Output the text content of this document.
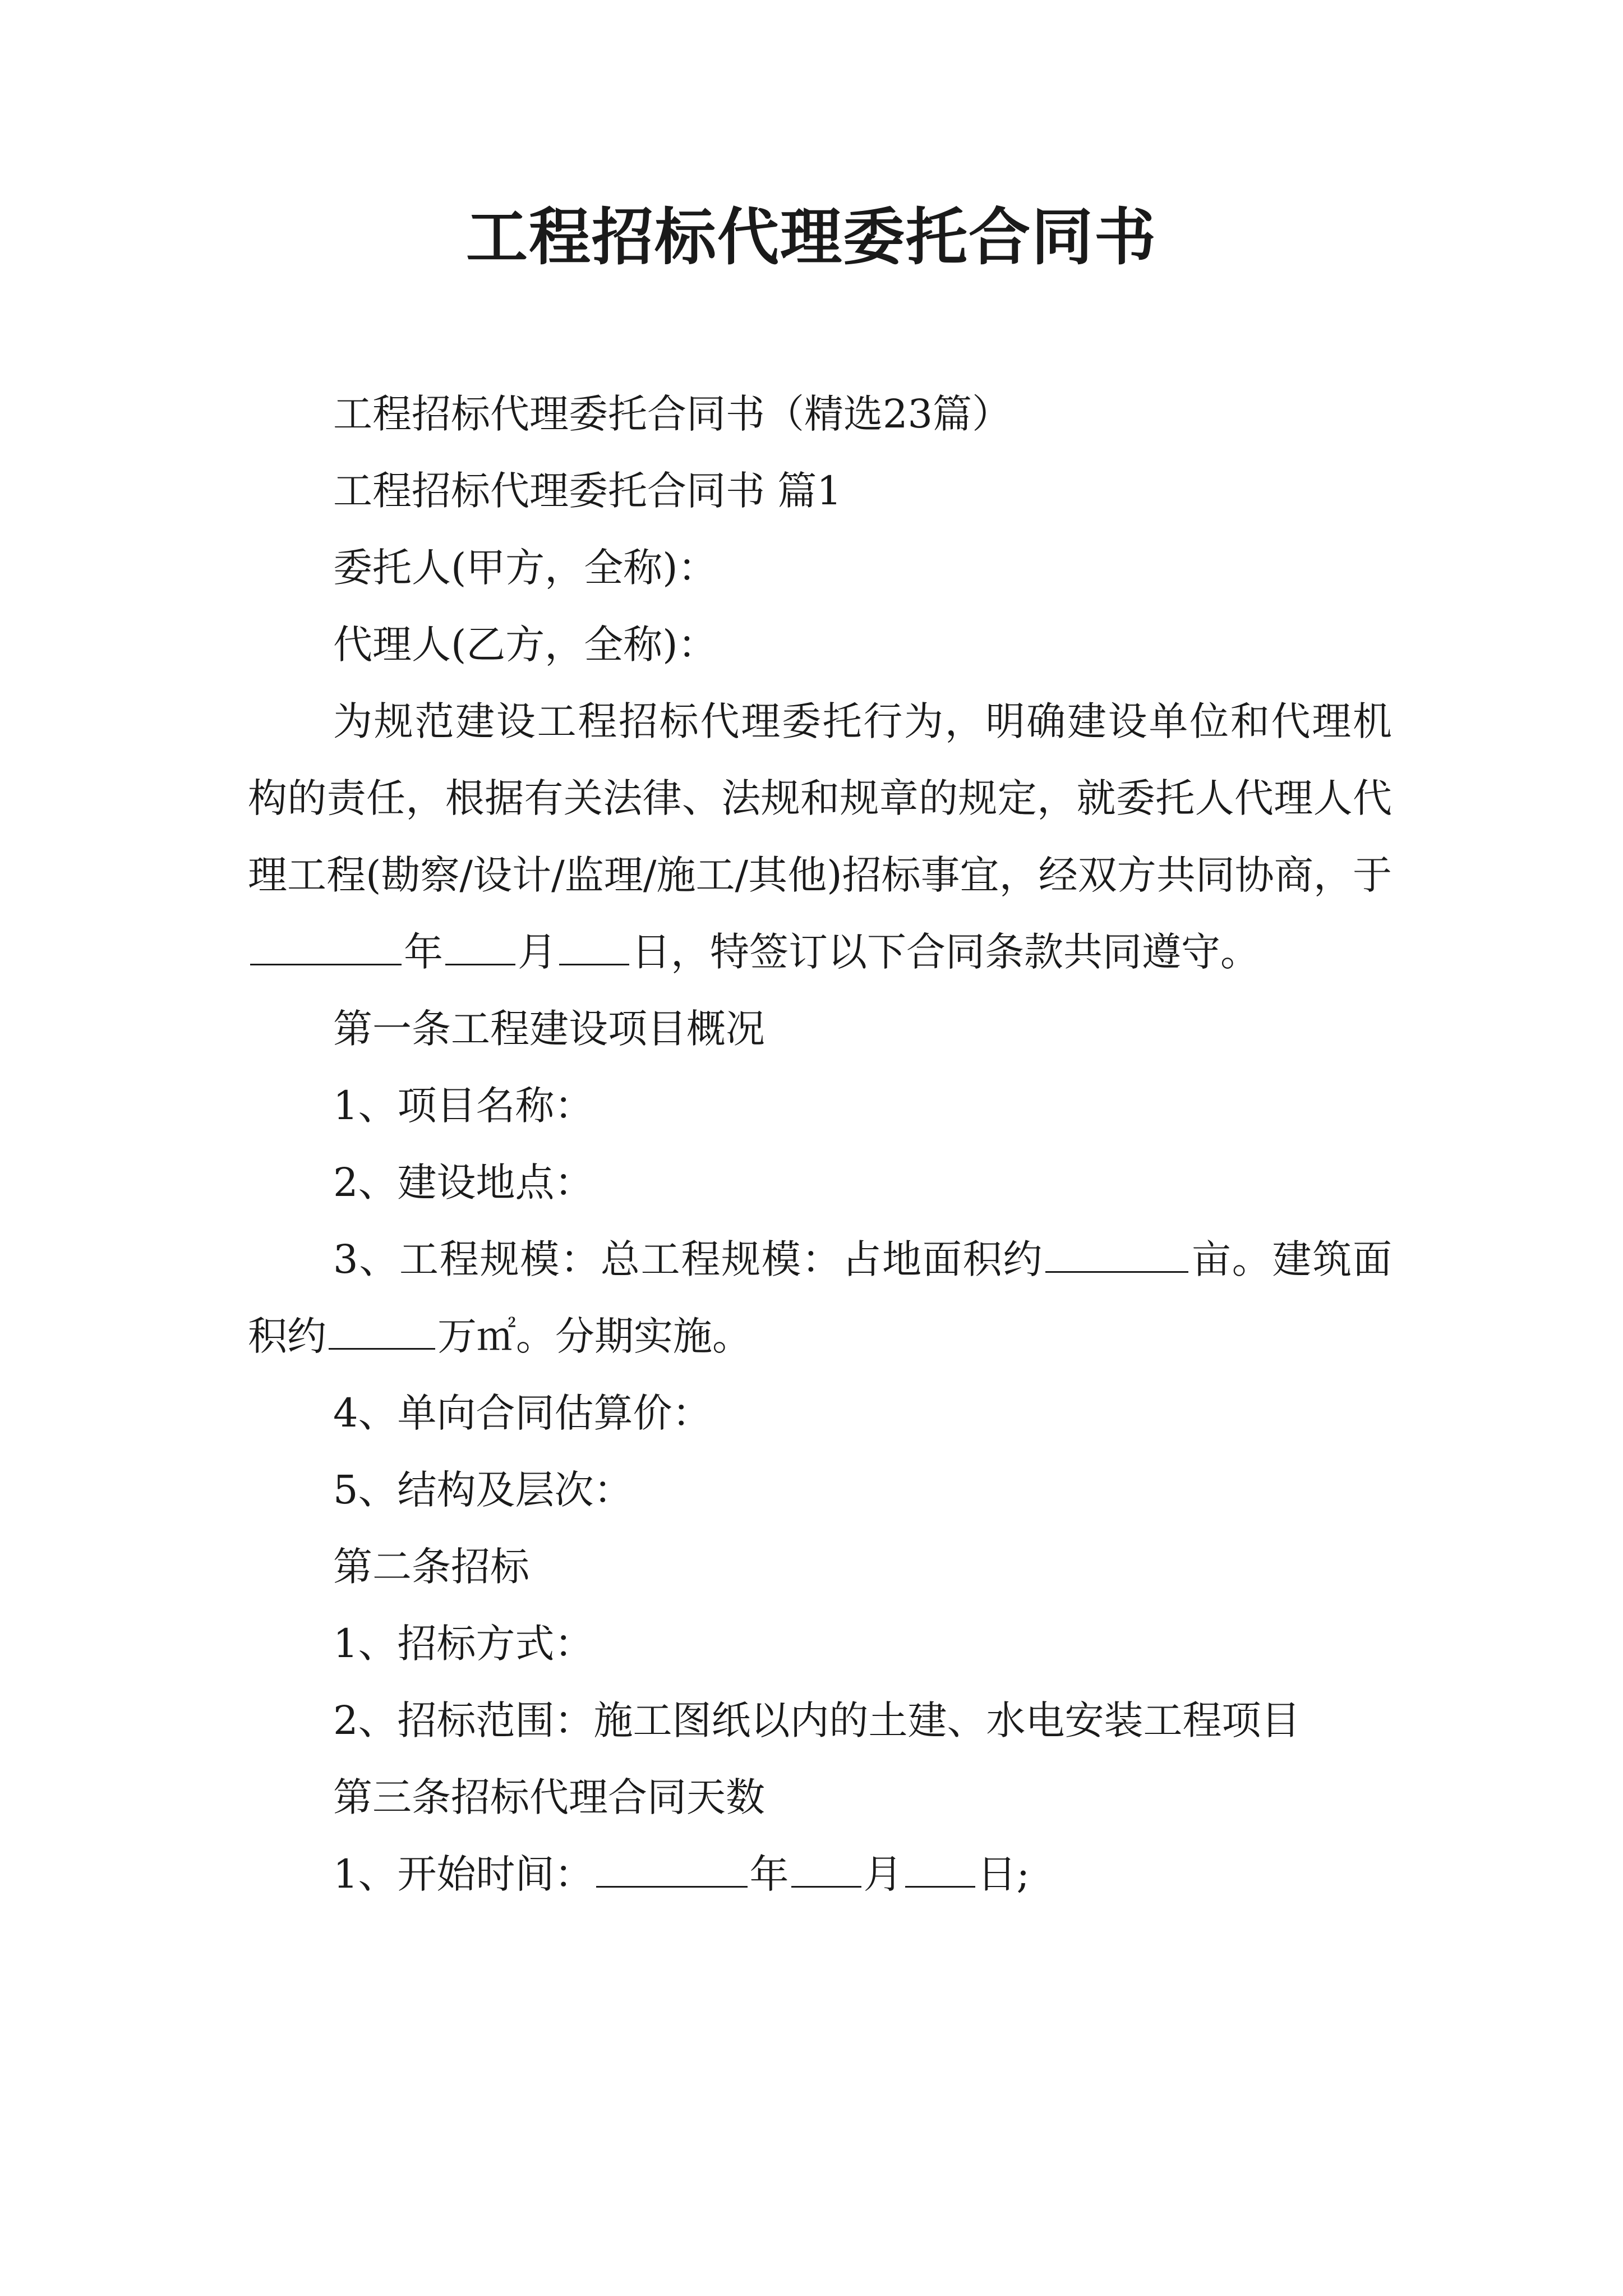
工程招标代理委托合同书

工程招标代理委托合同书（精选23篇）

工程招标代理委托合同书 篇1

委托人(甲方，全称)：

代理人(乙方，全称)：

为规范建设工程招标代理委托行为，明确建设单位和代理机构的责任，根据有关法律、法规和规章的规定，就委托人代理人代理工程(勘察/设计/监理/施工/其他)招标事宜，经双方共同协商，于年 月 日，特签订以下合同条款共同遵守。

第一条工程建设项目概况

1、项目名称：

2、建设地点：

3、工程规模：总工程规模：占地面积约	亩。建筑面积约	万㎡。分期实施。

4、单向合同估算价：

5、结构及层次：

第二条招标

1、招标方式：

2、招标范围：施工图纸以内的土建、水电安装工程项目

第三条招标代理合同天数

1、开始时间：	年 月 日;
